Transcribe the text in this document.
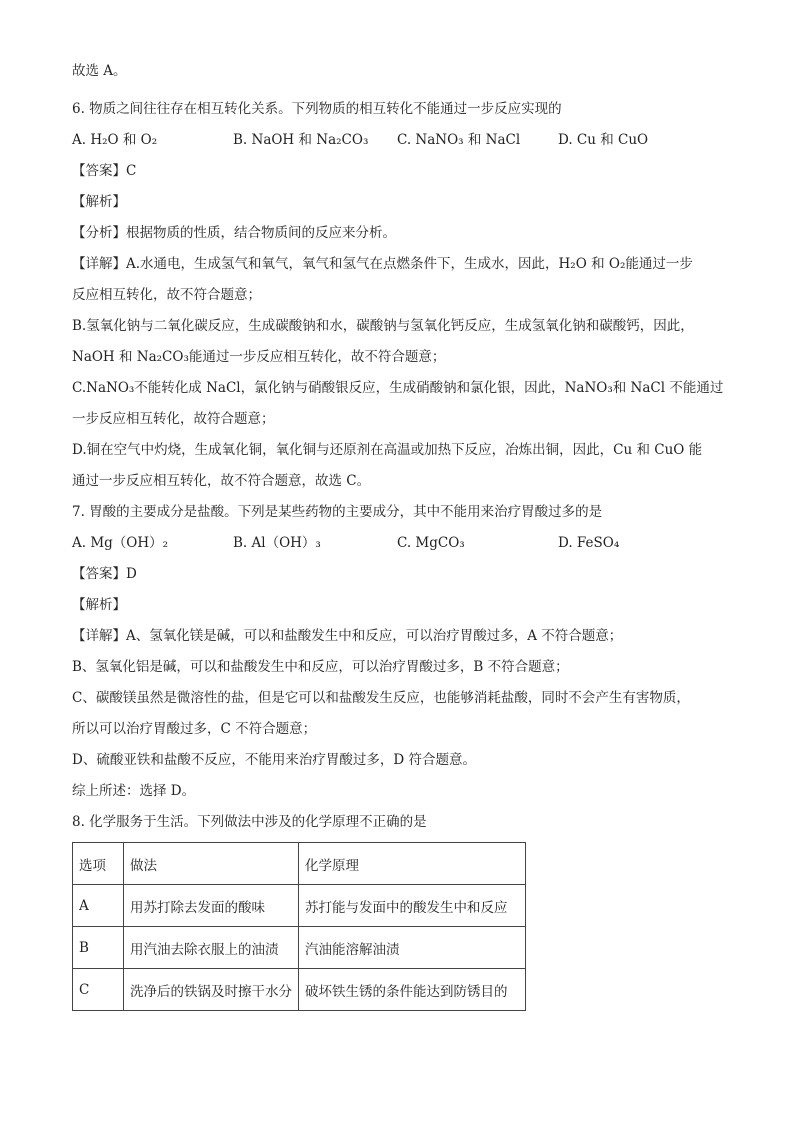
故选 A。
6. 物质之间往往存在相互转化关系。下列物质的相互转化不能通过一步反应实现的
A. H₂O 和 O₂	B. NaOH 和 Na₂CO₃ C. NaNO₃ 和 NaCl	D. Cu 和 CuO
【答案】C
【解析】
【分析】根据物质的性质，结合物质间的反应来分析。
【详解】A.水通电，生成氢气和氧气，氧气和氢气在点燃条件下，生成水，因此，H₂O 和 O₂能通过一步
反应相互转化，故不符合题意；
B.氢氧化钠与二氧化碳反应，生成碳酸钠和水，碳酸钠与氢氧化钙反应，生成氢氧化钠和碳酸钙，因此，
NaOH 和 Na₂CO₃能通过一步反应相互转化，故不符合题意；
C.NaNO₃不能转化成 NaCl，氯化钠与硝酸银反应，生成硝酸钠和氯化银，因此，NaNO₃和 NaCl 不能通过
一步反应相互转化，故符合题意；
D.铜在空气中灼烧，生成氧化铜，氧化铜与还原剂在高温或加热下反应，冶炼出铜，因此，Cu 和 CuO 能
通过一步反应相互转化，故不符合题意，故选 C。
7. 胃酸的主要成分是盐酸。下列是某些药物的主要成分，其中不能用来治疗胃酸过多的是
A. Mg（OH）₂	B. Al（OH）₃	C. MgCO₃	D. FeSO₄
【答案】D
【解析】
【详解】A、氢氧化镁是碱，可以和盐酸发生中和反应，可以治疗胃酸过多，A 不符合题意；
B、氢氧化铝是碱，可以和盐酸发生中和反应，可以治疗胃酸过多，B 不符合题意；
C、碳酸镁虽然是微溶性的盐，但是它可以和盐酸发生反应，也能够消耗盐酸，同时不会产生有害物质，
所以可以治疗胃酸过多，C 不符合题意；
D、硫酸亚铁和盐酸不反应，不能用来治疗胃酸过多，D 符合题意。
综上所述：选择 D。
8. 化学服务于生活。下列做法中涉及的化学原理不正确的是
选项	做法	化学原理
A	用苏打除去发面的酸味	苏打能与发面中的酸发生中和反应
B	用汽油去除衣服上的油渍	汽油能溶解油渍
C	洗净后的铁锅及时擦干水分	破坏铁生锈的条件能达到防锈目的
